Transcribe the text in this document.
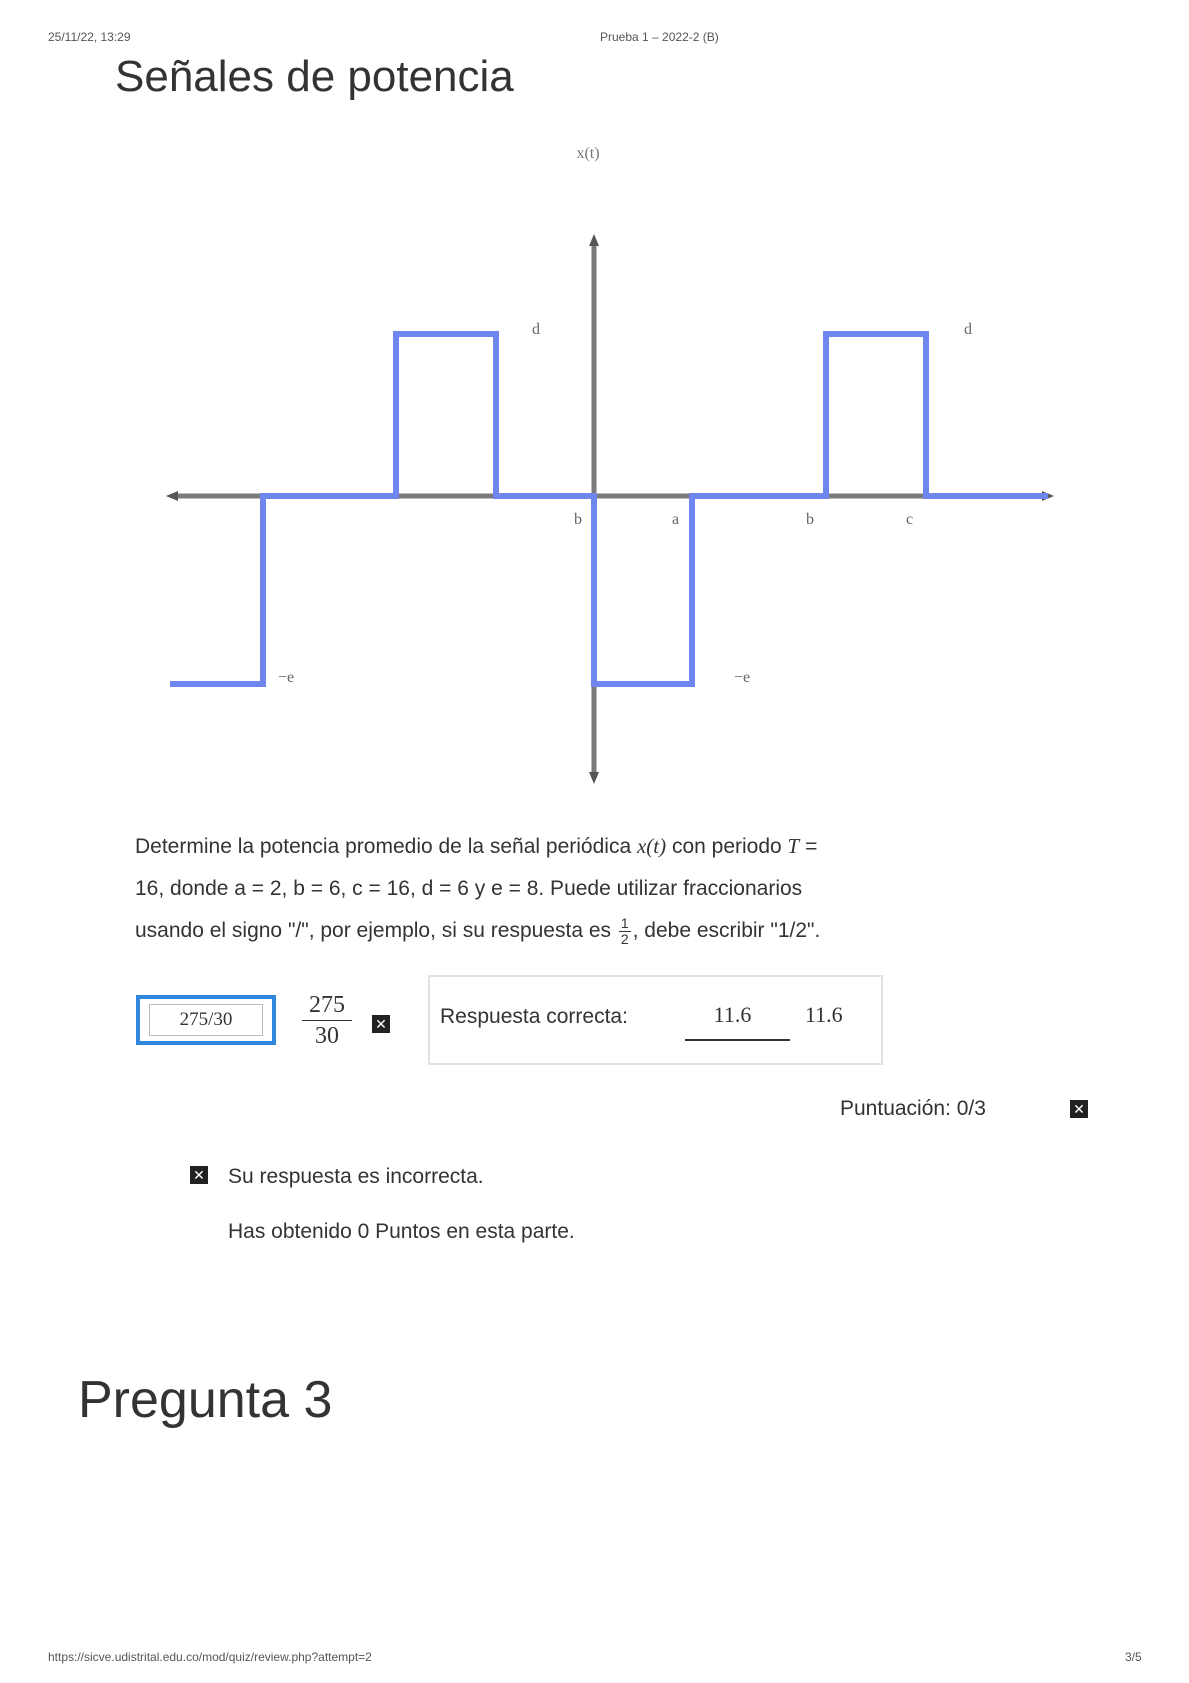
25/11/22, 13:29	Prueba 1 – 2022-2 (B)
Señales de potencia
x(t)
b	a	b	c
d	d
−e	−e
Determine la potencia promedio de la señal periódica x(t) con periodo T =
16, donde a = 2, b = 6, c = 16, d = 6 y e = 8. Puede utilizar fraccionarios
usando el signo "/", por ejemplo, si su respuesta es $\frac{1}{2}$ , debe escribir "1/2".
275/30
$\frac{275}{30}$ ✕	Respuesta correcta:	11.6	11.6
Puntuación: 0/3	✕
✕ Su respuesta es incorrecta.
Has obtenido 0 Puntos en esta parte.
Pregunta 3
https://sicve.udistrital.edu.co/mod/quiz/review.php?attempt=2	3/5
